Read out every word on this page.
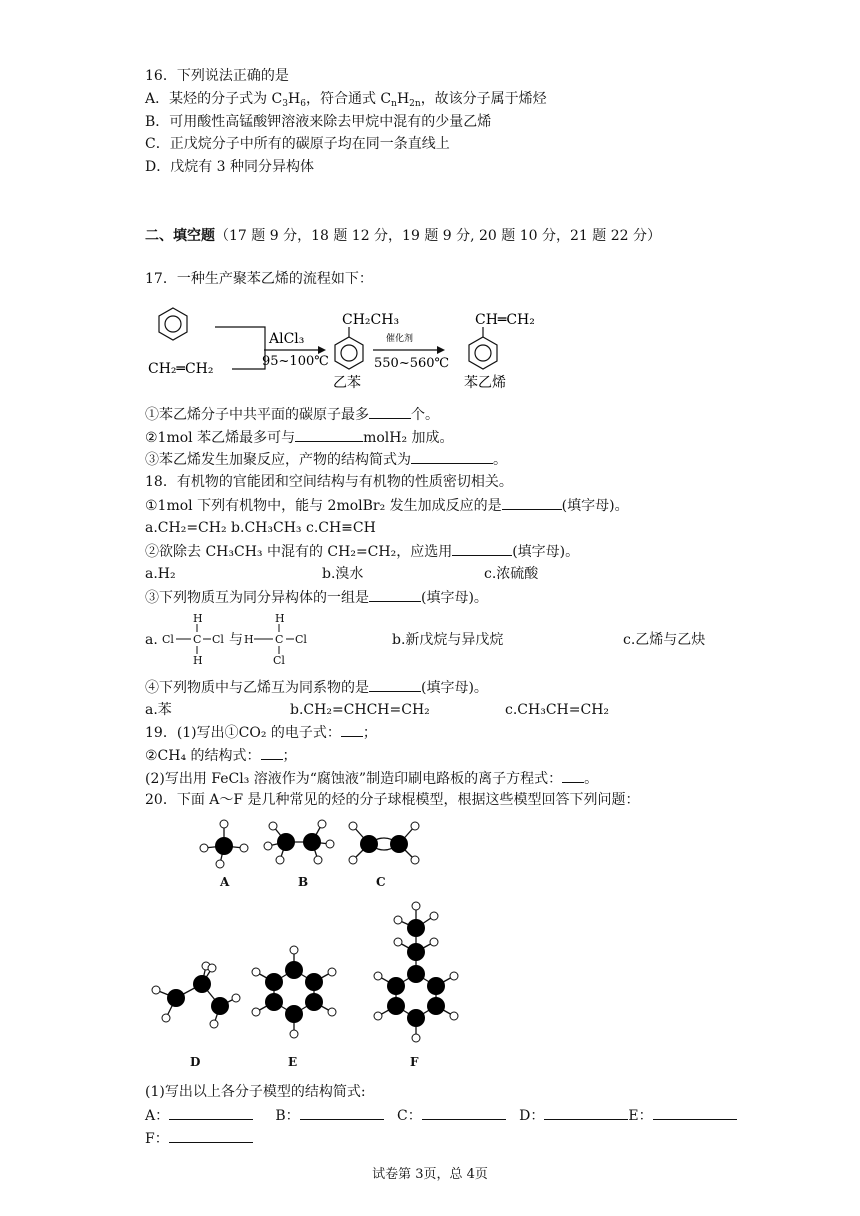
16．下列说法正确的是
A．某烃的分子式为 $C_3H_6$，符合通式 $C_nH_{2n}$，故该分子属于烯烃
B．可用酸性高锰酸钾溶液来除去甲烷中混有的少量乙烯
C．正戊烷分子中所有的碳原子均在同一条直线上
D．戊烷有 3 种同分异构体
二、填空题（17 题 9 分，18 题 12 分，19 题 9 分, 20 题 10 分，21 题 22 分）
17．一种生产聚苯乙烯的流程如下：
CH₂═CH₂
AlCl₃
95~100℃
CH₂CH₃
乙苯
催化剂
550~560℃
CH═CH₂
苯乙烯
①苯乙烯分子中共平面的碳原子最多	个。
②1mol 苯乙烯最多可与	molH₂ 加成。
③苯乙烯发生加聚反应，产物的结构简式为	。
18．有机物的官能团和空间结构与有机物的性质密切相关。
①1mol 下列有机物中，能与 2molBr₂ 发生加成反应的是	(填字母)。
a.CH₂=CH₂ b.CH₃CH₃ c.CH≡CH
②欲除去 CH₃CH₃ 中混有的 CH₂=CH₂，应选用	(填字母)。
a.H₂	b.溴水	c.浓硫酸
③下列物质互为同分异构体的一组是	(填字母)。
a.
H
Cl C Cl
H
H
H
C Cl
Cl
与	b.新戊烷与异戊烷	c.乙烯与乙炔
④下列物质中与乙烯互为同系物的是	(填字母)。
a.苯	b.CH₂=CHCH=CH₂	c.CH₃CH=CH₂
19．(1)写出①CO₂ 的电子式： ；
②CH₄ 的结构式： ；
(2)写出用 FeCl₃ 溶液作为“腐蚀液”制造印刷电路板的离子方程式： 。
20．下面 A～F 是几种常见的烃的分子球棍模型，根据这些模型回答下列问题：
A	B	C
D	E	F
(1)写出以上各分子模型的结构简式:
A：	B：	C：	D：	E：
F：
试卷第 3页，总 4页
